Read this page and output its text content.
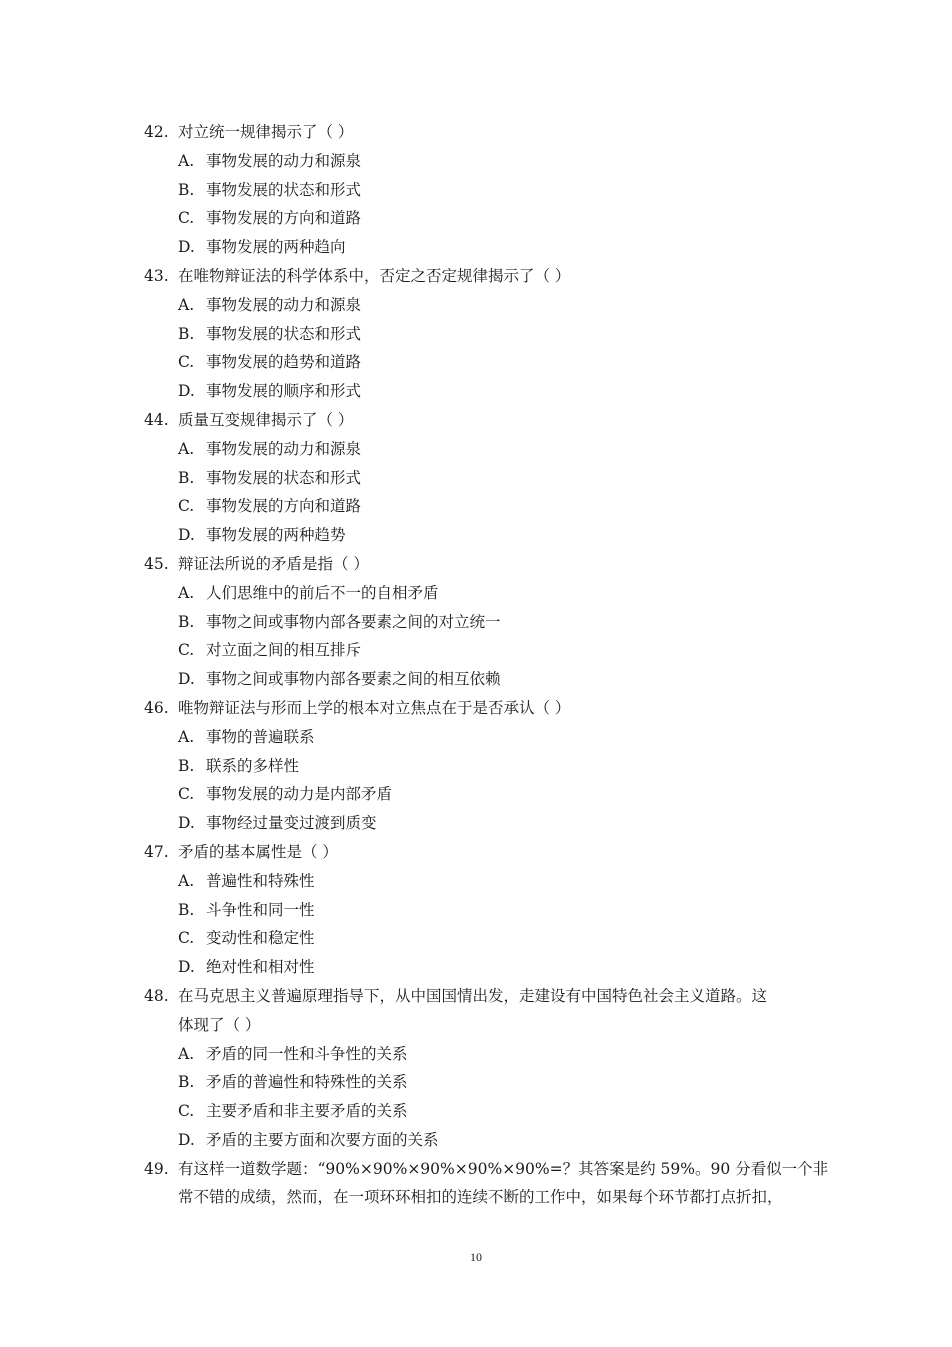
42. 对立统一规律揭示了（ ）
A. 事物发展的动力和源泉
B. 事物发展的状态和形式
C. 事物发展的方向和道路
D. 事物发展的两种趋向
43. 在唯物辩证法的科学体系中，否定之否定规律揭示了（ ）
A. 事物发展的动力和源泉
B. 事物发展的状态和形式
C. 事物发展的趋势和道路
D. 事物发展的顺序和形式
44. 质量互变规律揭示了（ ）
A. 事物发展的动力和源泉
B. 事物发展的状态和形式
C. 事物发展的方向和道路
D. 事物发展的两种趋势
45. 辩证法所说的矛盾是指（ ）
A. 人们思维中的前后不一的自相矛盾
B. 事物之间或事物内部各要素之间的对立统一
C. 对立面之间的相互排斥
D. 事物之间或事物内部各要素之间的相互依赖
46. 唯物辩证法与形而上学的根本对立焦点在于是否承认（ ）
A. 事物的普遍联系
B. 联系的多样性
C. 事物发展的动力是内部矛盾
D. 事物经过量变过渡到质变
47. 矛盾的基本属性是（ ）
A. 普遍性和特殊性
B. 斗争性和同一性
C. 变动性和稳定性
D. 绝对性和相对性
48. 在马克思主义普遍原理指导下，从中国国情出发，走建设有中国特色社会主义道路。这
体现了（ ）
A. 矛盾的同一性和斗争性的关系
B. 矛盾的普遍性和特殊性的关系
C. 主要矛盾和非主要矛盾的关系
D. 矛盾的主要方面和次要方面的关系
49. 有这样一道数学题：“90%×90%×90%×90%×90%=？其答案是约 59%。90 分看似一个非
常不错的成绩，然而，在一项环环相扣的连续不断的工作中，如果每个环节都打点折扣，
10
